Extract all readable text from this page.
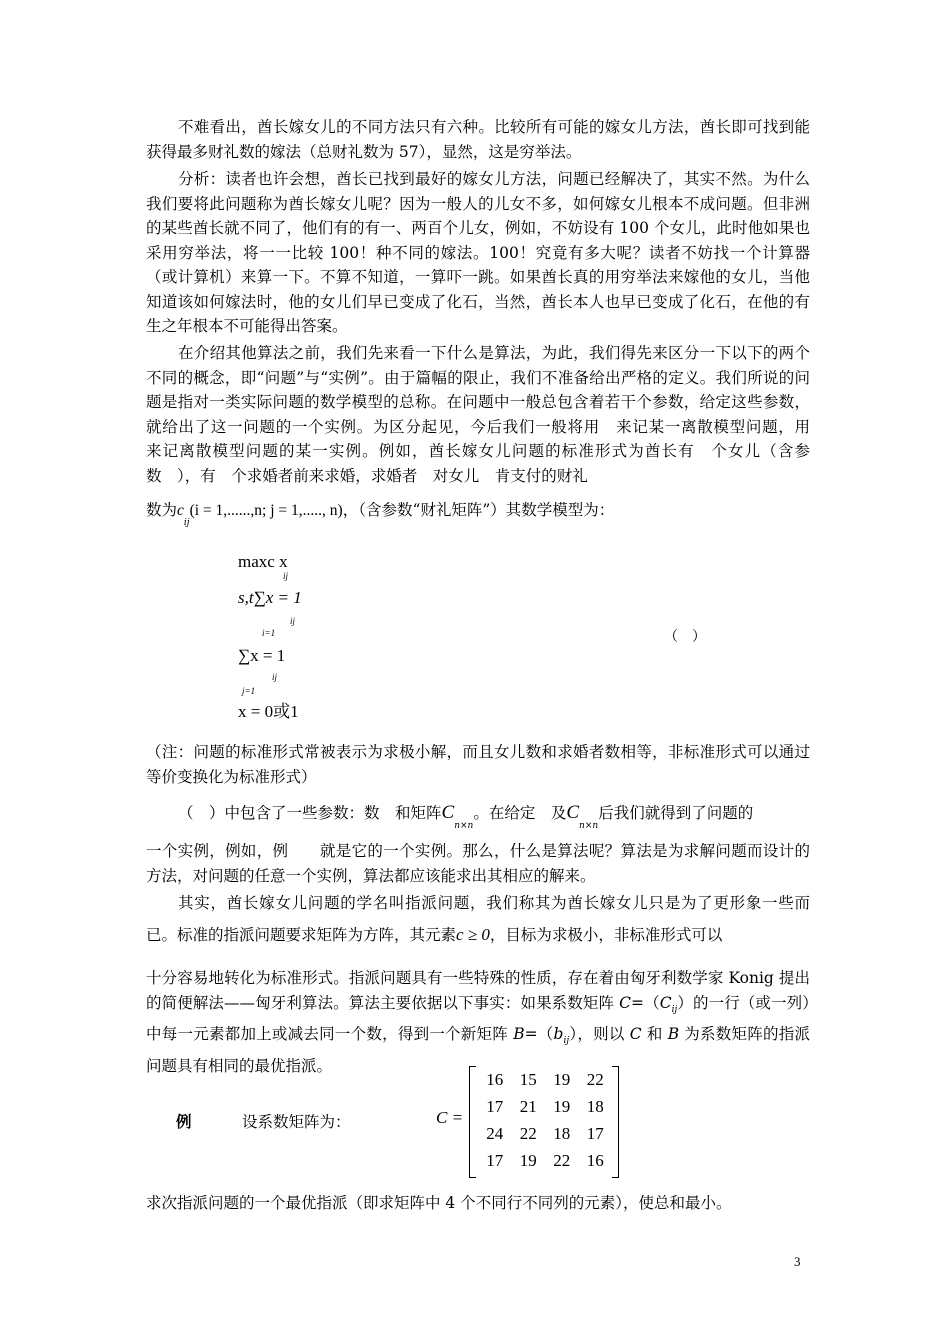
不难看出，酋长嫁女儿的不同方法只有六种。比较所有可能的嫁女儿方法，酋长即可找到能获得最多财礼数的嫁法（总财礼数为 57），显然，这是穷举法。

分析：读者也许会想，酋长已找到最好的嫁女儿方法，问题已经解决了，其实不然。为什么我们要将此问题称为酋长嫁女儿呢？因为一般人的儿女不多，如何嫁女儿根本不成问题。但非洲的某些酋长就不同了，他们有的有一、两百个儿女，例如，不妨设有 100 个女儿，此时他如果也采用穷举法，将一一比较 100！种不同的嫁法。100！究竟有多大呢？读者不妨找一个计算器（或计算机）来算一下。不算不知道，一算吓一跳。如果酋长真的用穷举法来嫁他的女儿，当他知道该如何嫁法时，他的女儿们早已变成了化石，当然，酋长本人也早已变成了化石，在他的有生之年根本不可能得出答案。

在介绍其他算法之前，我们先来看一下什么是算法，为此，我们得先来区分一下以下的两个不同的概念，即“问题”与“实例”。由于篇幅的限止，我们不准备给出严格的定义。我们所说的问题是指对一类实际问题的数学模型的总称。在问题中一般总包含着若干个参数，给定这些参数，就给出了这一问题的一个实例。为区分起见，今后我们一般将用　来记某一离散模型问题，用　来记离散模型问题的某一实例。例如，酋长嫁女儿问题的标准形式为酋长有　个女儿（含参数　），有　个求婚者前来求婚，求婚者　对女儿　肯支付的财礼

数为$c_{ij}(i = 1,......,n$; j = 1,....., n)，（含参数“财礼矩阵”）其数学模型为：
maxc x
ij
s,t∑x = 1
ij
i=1
∑x = 1
ij
j=1
x = 0或1
（　）

（注：问题的标准形式常被表示为求极小解，而且女儿数和求婚者数相等，非标准形式可以通过等价变换化为标准形式）

（　）中包含了一些参数：数　和矩阵$C_{n\times n}$。在给定　及$C_{n\times n}$后我们就得到了问题的

一个实例，例如，例　　就是它的一个实例。那么，什么是算法呢？算法是为求解问题而设计的方法，对问题的任意一个实例，算法都应该能求出其相应的解来。

其实，酋长嫁女儿问题的学名叫指派问题，我们称其为酋长嫁女儿只是为了更形象一些而已。标准的指派问题要求矩阵为方阵，其元素c ≥ 0，目标为求极小，非标准形式可以

十分容易地转化为标准形式。指派问题具有一些特殊的性质，存在着由匈牙利数学家 Konig 提出的简便解法——匈牙利算法。算法主要依据以下事实：如果系数矩阵 $C=(C_{ij})$的一行（或一列）中每一元素都加上或减去同一个数，得到一个新矩阵 $B=(b_{ij})$，则以 C 和 B 为系数矩阵的指派问题具有相同的最优指派。

例	设系数矩阵为：	C =
16 15 19 22
17 21 19 18
24 22 18 17
17 19 22 16

求次指派问题的一个最优指派（即求矩阵中 4 个不同行不同列的元素），使总和最小。

3
